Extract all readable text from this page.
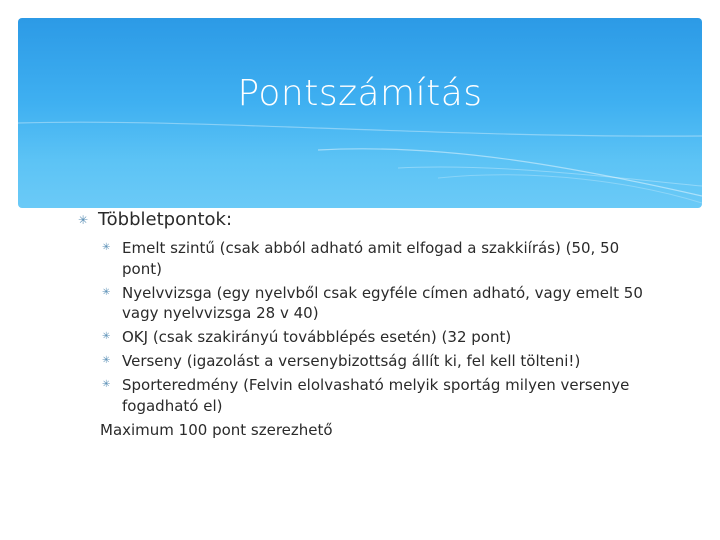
Pontszámítás
✳ Többletpontok:
✳ Emelt szintű (csak abból adható amit elfogad a szakkiírás) (50, 50 pont)
✳ Nyelvvizsga (egy nyelvből csak egyféle címen adható, vagy emelt 50 vagy nyelvvizsga 28 v 40)
✳ OKJ (csak szakirányú továbblépés esetén) (32 pont)
✳ Verseny (igazolást a versenybizottság állít ki, fel kell tölteni!)
✳ Sporteredmény (Felvin elolvasható melyik sportág milyen versenye fogadható el)
Maximum 100 pont szerezhető
